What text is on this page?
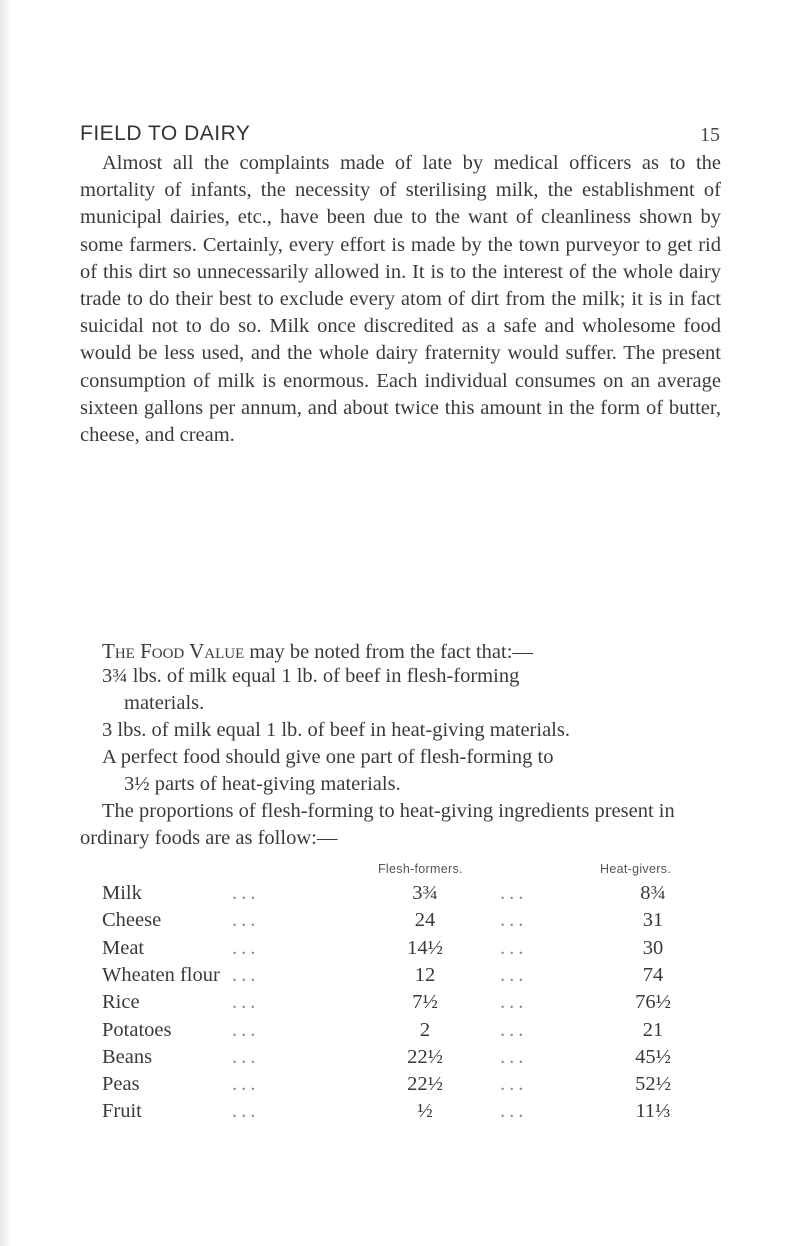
FIELD TO DAIRY	15

Almost all the complaints made of late by medical officers as to the mortality of infants, the necessity of sterilising milk, the establishment of municipal dairies, etc., have been due to the want of cleanliness shown by some farmers. Certainly, every effort is made by the town purveyor to get rid of this dirt so unnecessarily allowed in. It is to the interest of the whole dairy trade to do their best to exclude every atom of dirt from the milk; it is in fact suicidal not to do so. Milk once discredited as a safe and wholesome food would be less used, and the whole dairy fraternity would suffer. The present consumption of milk is enormous. Each individual consumes on an average sixteen gallons per annum, and about twice this amount in the form of butter, cheese, and cream.

The Food Value may be noted from the fact that:—
3¾ lbs. of milk equal 1 lb. of beef in flesh-forming
materials.
3 lbs. of milk equal 1 lb. of beef in heat-giving materials.
A perfect food should give one part of flesh-forming to
3½ parts of heat-giving materials.
The proportions of flesh-forming to heat-giving ingredients present in ordinary foods are as follow:—
Flesh-formers.	Heat-givers.
Milk	...	3¾	...	8¾
Cheese	...	24	...	31
Meat	...	14½	...	30
Wheaten flour ...	12	...	74
Rice	...	7½	...	76½
Potatoes	...	2	...	21
Beans	...	22½	...	45½
Peas	...	22½	...	52½
Fruit	...	½	...	11⅓
